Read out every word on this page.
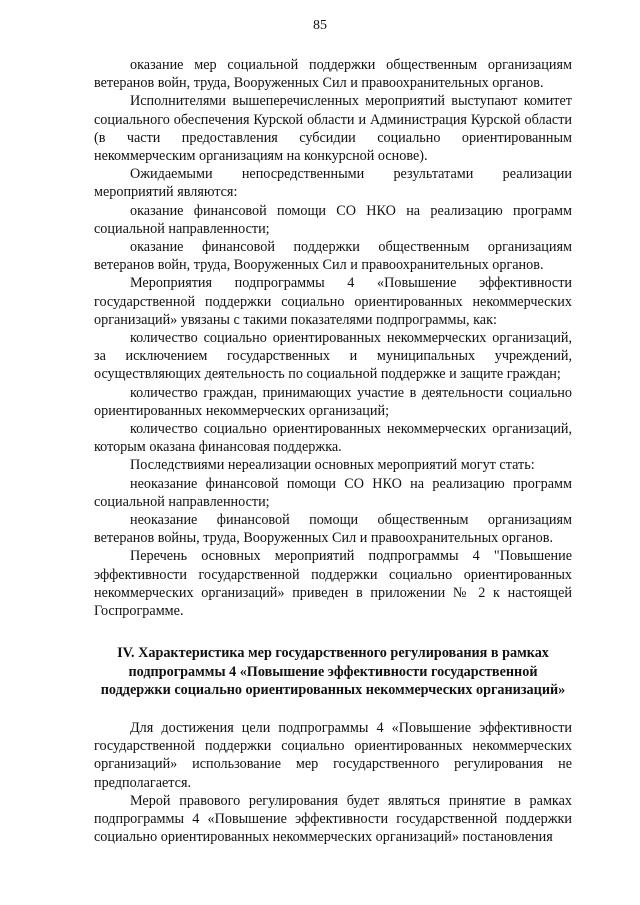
85

оказание мер социальной поддержки общественным организациям ветеранов войн, труда, Вооруженных Сил и правоохранительных органов.

Исполнителями вышеперечисленных мероприятий выступают комитет социального обеспечения Курской области и Администрация Курской области (в части предоставления субсидии социально ориентированным некоммерческим организациям на конкурсной основе).

Ожидаемыми непосредственными результатами реализации мероприятий являются:

оказание финансовой помощи СО НКО на реализацию программ социальной направленности;

оказание финансовой поддержки общественным организациям ветеранов войн, труда, Вооруженных Сил и правоохранительных органов.

Мероприятия подпрограммы 4 «Повышение эффективности государственной поддержки социально ориентированных некоммерческих организаций» увязаны с такими показателями подпрограммы, как:

количество социально ориентированных некоммерческих организаций, за исключением государственных и муниципальных учреждений, осуществляющих деятельность по социальной поддержке и защите граждан;

количество граждан, принимающих участие в деятельности социально ориентированных некоммерческих организаций;

количество социально ориентированных некоммерческих организаций, которым оказана финансовая поддержка.

Последствиями нереализации основных мероприятий могут стать:

неоказание финансовой помощи СО НКО на реализацию программ социальной направленности;

неоказание финансовой помощи общественным организациям ветеранов войны, труда, Вооруженных Сил и правоохранительных органов.

Перечень основных мероприятий подпрограммы 4 "Повышение эффективности государственной поддержки социально ориентированных некоммерческих организаций» приведен в приложении № 2 к настоящей Госпрограмме.

IV. Характеристика мер государственного регулирования в рамках подпрограммы 4 «Повышение эффективности государственной поддержки социально ориентированных некоммерческих организаций»

Для достижения цели подпрограммы 4 «Повышение эффективности государственной поддержки социально ориентированных некоммерческих организаций» использование мер государственного регулирования не предполагается.

Мерой правового регулирования будет являться принятие в рамках подпрограммы 4 «Повышение эффективности государственной поддержки социально ориентированных некоммерческих организаций» постановления
